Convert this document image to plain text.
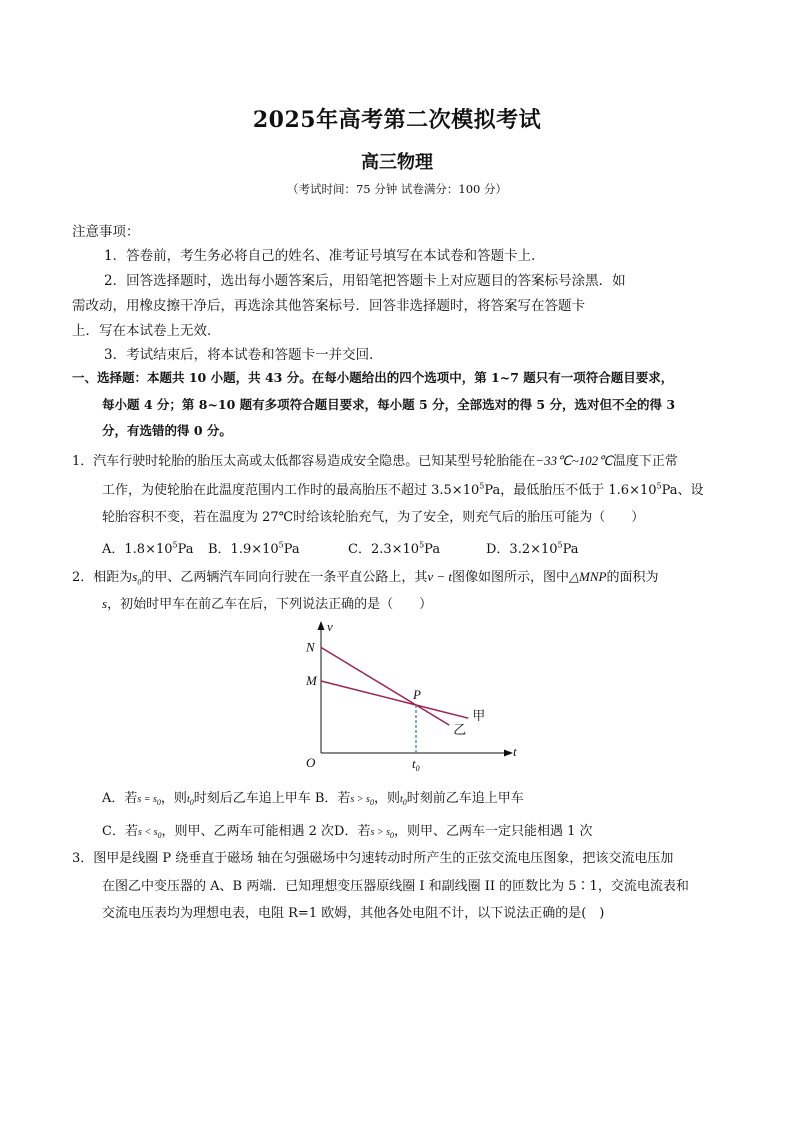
2025年高考第二次模拟考试
高三物理
（考试时间：75 分钟 试卷满分：100 分）
注意事项：
1．答卷前，考生务必将自己的姓名、准考证号填写在本试卷和答题卡上．
2．回答选择题时，选出每小题答案后，用铅笔把答题卡上对应题目的答案标号涂黑．如
需改动，用橡皮擦干净后，再选涂其他答案标号．回答非选择题时，将答案写在答题卡
上．写在本试卷上无效．
3．考试结束后，将本试卷和答题卡一并交回．
一、选择题：本题共 10 小题，共 43 分。在每小题给出的四个选项中，第 1~7 题只有一项符合题目要求，
每小题 4 分；第 8~10 题有多项符合题目要求，每小题 5 分，全部选对的得 5 分，选对但不全的得 3
分，有选错的得 0 分。
1．汽车行驶时轮胎的胎压太高或太低都容易造成安全隐患。已知某型号轮胎能在−33℃~102℃温度下正常
工作，为使轮胎在此温度范围内工作时的最高胎压不超过 $3.5\times 10^5Pa$，最低胎压不低于 $1.6\times 10^5Pa$、设
轮胎容积不变，若在温度为 27℃时给该轮胎充气，为了安全，则充气后的胎压可能为（　　）
A．$1.8\times 10^5Pa$ B．$1.9\times 10^5Pa$	C．$2.3\times 10^5Pa$	D．$3.2\times 10^5Pa$
2．相距为$s_0$的甲、乙两辆汽车同向行驶在一条平直公路上，其v − t图像如图所示，图中△MNP的面积为
s，初始时甲车在前乙车在后，下列说法正确的是（　　）
v
t
O
N
M
P
$t_0$
甲
乙
A．若$s = s_0$，则$t_0$时刻后乙车追上甲车 B．若$s > s_0$，则$t_0$时刻前乙车追上甲车
C．若$s < s_0$，则甲、乙两车可能相遇 2 次D．若$s > s_0$，则甲、乙两车一定只能相遇 1 次
3．图甲是线圈 P 绕垂直于磁场 轴在匀强磁场中匀速转动时所产生的正弦交流电压图象，把该交流电压加
在图乙中变压器的 A、B 两端．已知理想变压器原线圈 I 和副线圈 II 的匝数比为 5∶1，交流电流表和
交流电压表均为理想电表，电阻 R=1 欧姆，其他各处电阻不计，以下说法正确的是(　)
